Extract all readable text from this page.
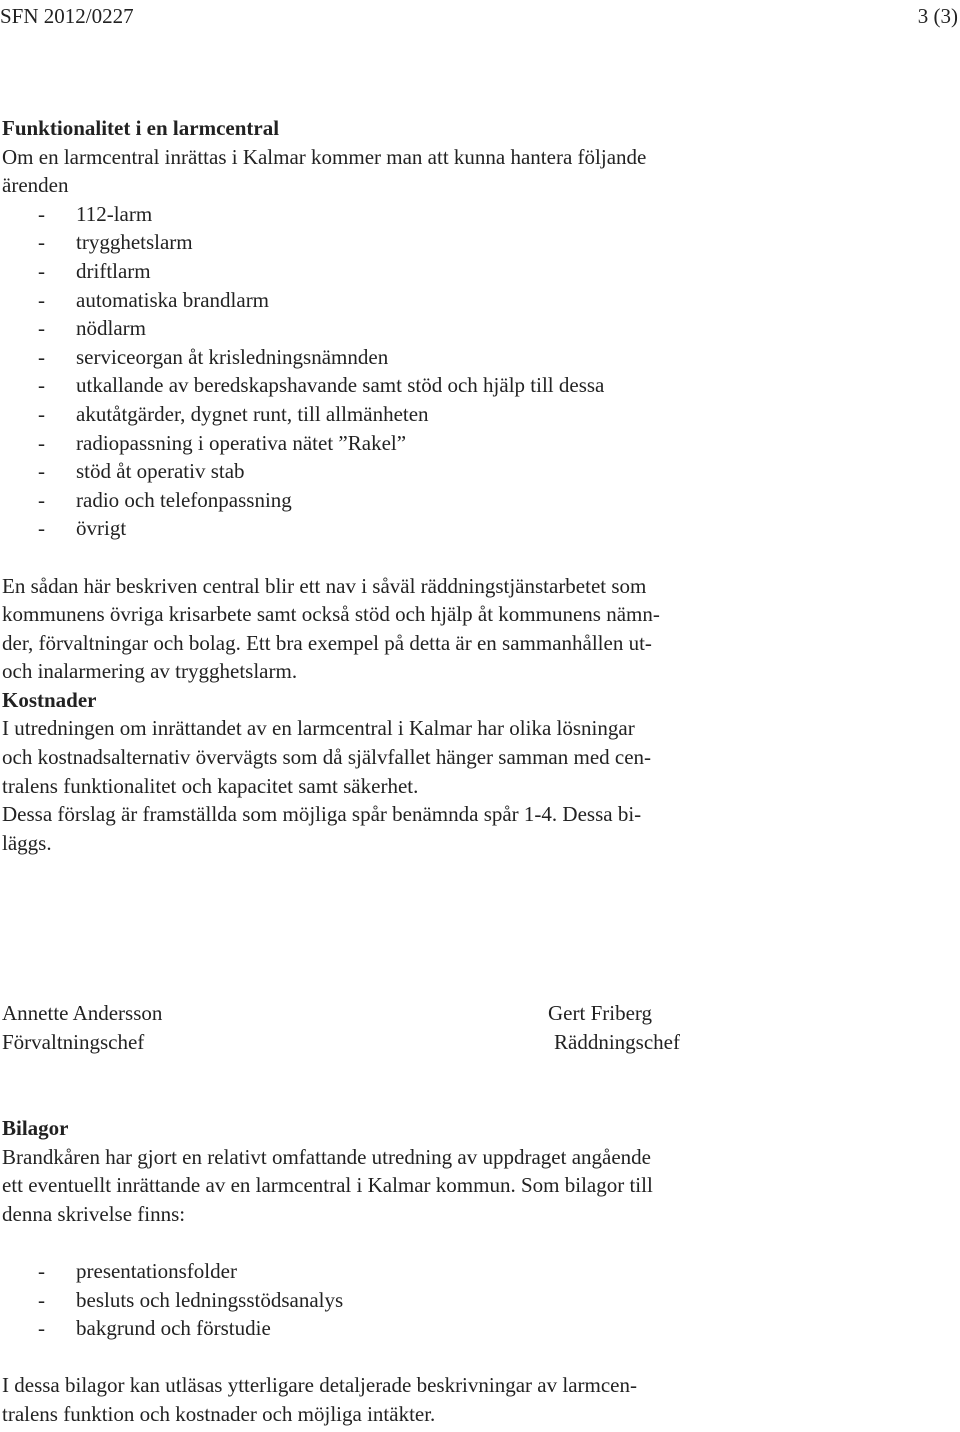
SFN 2012/0227	3 (3)

Funktionalitet i en larmcentral

Om en larmcentral inrättas i Kalmar kommer man att kunna hantera följande

ärenden

- 112-larm
- trygghetslarm
- driftlarm
- automatiska brandlarm
- nödlarm
- serviceorgan åt krisledningsnämnden
- utkallande av beredskapshavande samt stöd och hjälp till dessa
- akutåtgärder, dygnet runt, till allmänheten
- radiopassning i operativa nätet ”Rakel”
- stöd åt operativ stab
- radio och telefonpassning
- övrigt

En sådan här beskriven central blir ett nav i såväl räddningstjänstarbetet som

kommunens övriga krisarbete samt också stöd och hjälp åt kommunens nämn-

der, förvaltningar och bolag. Ett bra exempel på detta är en sammanhållen ut-

och inalarmering av trygghetslarm.

Kostnader

I utredningen om inrättandet av en larmcentral i Kalmar har olika lösningar

och kostnadsalternativ övervägts som då självfallet hänger samman med cen-

tralens funktionalitet och kapacitet samt säkerhet.

Dessa förslag är framställda som möjliga spår benämnda spår 1-4. Dessa bi-

läggs.

Annette Andersson
Förvaltningschef
Gert Friberg
Räddningschef

Bilagor

Brandkåren har gjort en relativt omfattande utredning av uppdraget angående

ett eventuellt inrättande av en larmcentral i Kalmar kommun. Som bilagor till

denna skrivelse finns:

- presentationsfolder
- besluts och ledningsstödsanalys
- bakgrund och förstudie

I dessa bilagor kan utläsas ytterligare detaljerade beskrivningar av larmcen-

tralens funktion och kostnader och möjliga intäkter.
